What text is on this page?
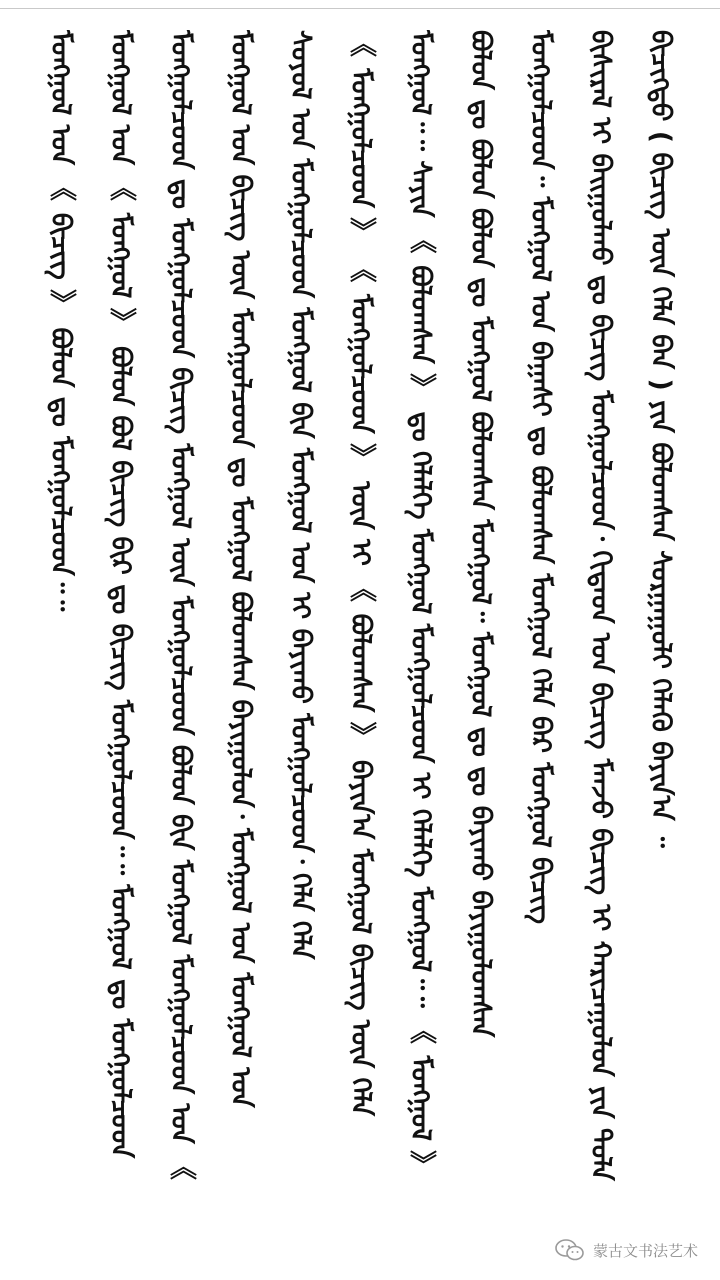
ᠪᠢᠴᠢᠭ᠌ᠲᠦ ( ᠪᠢᠴᠢᠭ᠌ ᠦᠨ ᠬᠡᠯᠡ ᠪᠠᠨ ) ᠶᠢᠨ ᠪᠣᠯᠤᠭᠰᠠᠨ ᠰᠤᠷᠭᠠᠭᠤᠯᠢ ᠬᠡᠯᠡᠬᠦ ᠪᠠᠶᠢᠨ᠎ᠠ ᠃
ᠪᠢᠰᠢᠷᠡᠯ ᠢ ᠪᠠᠢᠭᠤᠯᠬᠤ ᠳᠤ ᠪᠢᠴᠢᠭ ᠮᠣᠩᠭᠣᠯᠴᠤᠳ᠂ ᠬᠢᠲᠠᠳ ᠤᠨ ᠪᠢᠴᠢᠭ᠌ ᠮᠠᠨᠵᠤ ᠪᠢᠴᠢᠭ ᠢ ᠬᠠᠷᠢᠴᠠᠭᠤᠯᠤᠨ ᠶᠢᠨ ᠲᠤᠯᠠ
ᠮᠣᠩᠭᠣᠯᠴᠤᠳ᠃ ᠮᠣᠩᠭᠣᠯ ᠤᠨ ᠪᠠᠭᠠᠰᠢ ᠳᠤ ᠪᠣᠯᠤᠭᠰᠠᠨ ᠮᠣᠩᠭᠣᠯ ᠬᠡᠯᠡ ᠪᠡᠷ ᠮᠣᠩᠭᠣᠯ ᠪᠢᠴᠢᠭ
ᠪᠣᠯᠤᠨ ᠳᠤ ᠪᠣᠯᠤᠨ ᠪᠣᠯᠤᠨ ᠳᠤ ᠮᠣᠩᠭᠣᠯ ᠪᠣᠯᠤᠭᠰᠠᠨ ᠮᠣᠩᠭᠣᠯ᠃ ᠮᠣᠩᠭᠣᠯ ᠳᠤ ᠳᠤ ᠪᠠᠶᠢᠬᠤ ᠪᠠᠶᠢᠭᠤᠯᠤᠭᠰᠠᠨ
ᠮᠣᠩᠭᠣᠯ᠃᠃ ᠰᠠᠶᠢᠨ 《 ᠪᠣᠯᠤᠭᠰᠠᠨ 》 ᠳᠤ ᠬᠡᠯᠡᠯᠭᠡ ᠮᠣᠩᠭᠣᠯ ᠮᠣᠩᠭᠣᠯᠴᠤᠳ ᠢ ᠬᠡᠯᠡᠯᠭᠡ ᠮᠣᠩᠭᠣᠯ᠃᠃ 《 ᠮᠣᠩᠭᠣᠯ 》
《 ᠮᠣᠩᠭᠣᠯᠴᠤᠳ 》 《 ᠮᠣᠩᠭᠣᠯᠴᠤᠳ 》 ᠦᠨ ᠢ 《 ᠪᠣᠯᠤᠭᠰᠠᠨ 》 ᠪᠠᠶᠢᠨ᠎ᠠ ᠮᠣᠩᠭᠣᠯ ᠪᠢᠴᠢᠭ ᠦᠨ ᠬᠡᠯᠡ
ᠰᠣᠶᠣᠯ ᠤᠨ ᠮᠣᠩᠭᠣᠯᠴᠤᠳ ᠮᠣᠩᠭᠣᠯ ᠪᠢᠨ ᠮᠣᠩᠭᠣᠯ ᠤᠨ ᠢ ᠪᠠᠶᠢᠬᠤ ᠮᠣᠩᠭᠣᠯᠴᠤᠳ᠂ ᠬᠡᠯᠡ ᠬᠡᠯᠡ
ᠮᠣᠩᠭᠣᠯ ᠤᠨ ᠪᠢᠴᠢᠭ ᠦᠨ ᠮᠣᠩᠭᠣᠯᠴᠤᠳ ᠳᠤ ᠮᠣᠩᠭᠣᠯ ᠪᠣᠯᠤᠭᠰᠠᠨ ᠪᠠᠶᠢᠭᠤᠯᠤᠨ᠂ ᠮᠣᠩᠭᠣᠯ ᠤᠨ ᠮᠣᠩᠭᠣᠯ ᠤᠨ
ᠮᠣᠩᠭᠣᠯᠴᠤᠳ ᠳᠤ ᠮᠣᠩᠭᠣᠯᠴᠤᠳ ᠪᠢᠴᠢᠭ ᠮᠣᠩᠭᠣᠯ ᠦᠨ ᠮᠣᠩᠭᠣᠯᠴᠤᠳ ᠪᠣᠯᠤᠨ ᠪᠢᠨ ᠮᠣᠩᠭᠣᠯ ᠮᠣᠩᠭᠣᠯᠴᠤᠳ ᠤᠨ 《
ᠮᠣᠩᠭᠣᠯ ᠤᠨ 《 ᠮᠣᠩᠭᠣᠯ 》 ᠪᠣᠯᠤᠨ ᠪᠣᠯ ᠪᠢᠴᠢᠭ ᠪᠢᠷ ᠳᠤ ᠪᠢᠴᠢᠭ ᠮᠣᠩᠭᠣᠯᠴᠤᠳ᠃᠃ ᠮᠣᠩᠭᠣᠯ ᠳᠤ ᠮᠣᠩᠭᠣᠯᠴᠤᠳ
ᠮᠣᠩᠭᠣᠯ ᠤᠨ 《 ᠪᠢᠴᠢᠭ 》 ᠪᠣᠯᠤᠨ ᠳᠤ ᠮᠣᠩᠭᠣᠯᠴᠤᠳ᠃᠃
蒙古文书法艺术
